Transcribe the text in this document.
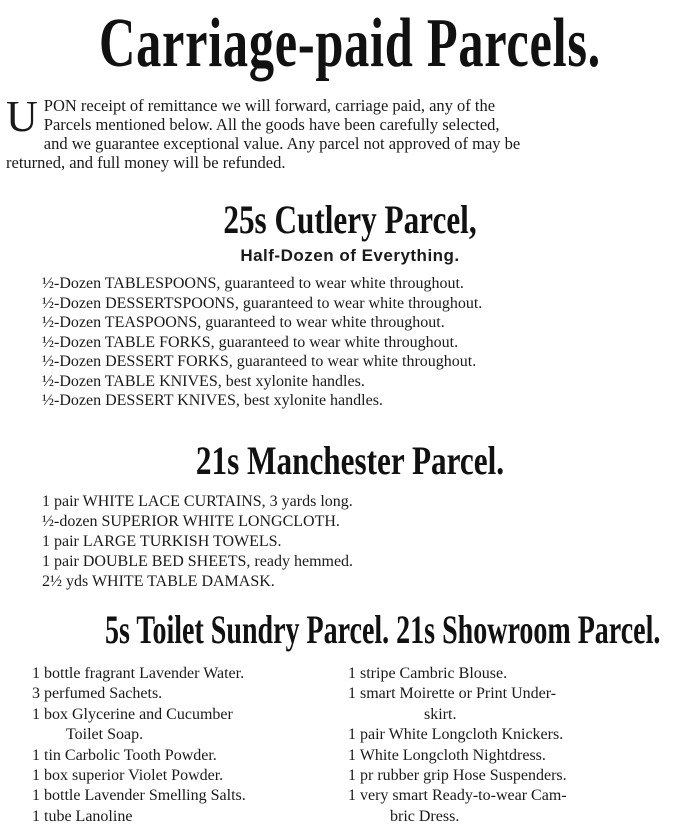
Carriage-paid Parcels.
U PON receipt of remittance we will forward, carriage paid, any of the

Parcels mentioned below. All the goods have been carefully selected,

and we guarantee exceptional value. Any parcel not approved of may be

returned, and full money will be refunded.

25s Cutlery Parcel,
Half-Dozen of Everything.
½-Dozen TABLESPOONS, guaranteed to wear white throughout.
½-Dozen DESSERTSPOONS, guaranteed to wear white throughout.
½-Dozen TEASPOONS, guaranteed to wear white throughout.
½-Dozen TABLE FORKS, guaranteed to wear white throughout.
½-Dozen DESSERT FORKS, guaranteed to wear white throughout.
½-Dozen TABLE KNIVES, best xylonite handles.
½-Dozen DESSERT KNIVES, best xylonite handles.
21s Manchester Parcel.
1 pair WHITE LACE CURTAINS, 3 yards long.
½-dozen SUPERIOR WHITE LONGCLOTH.
1 pair LARGE TURKISH TOWELS.
1 pair DOUBLE BED SHEETS, ready hemmed.
2½ yds WHITE TABLE DAMASK.
5s Toilet Sundry Parcel. 21s Showroom Parcel.
1 bottle fragrant Lavender Water.
3 perfumed Sachets.
1 box Glycerine and Cucumber
Toilet Soap.
1 tin Carbolic Tooth Powder.
1 box superior Violet Powder.
1 bottle Lavender Smelling Salts.
1 tube Lanoline
1 stripe Cambric Blouse.
1 smart Moirette or Print Under-
skirt.
1 pair White Longcloth Knickers.
1 White Longcloth Nightdress.
1 pr rubber grip Hose Suspenders.
1 very smart Ready-to-wear Cam-
bric Dress.
